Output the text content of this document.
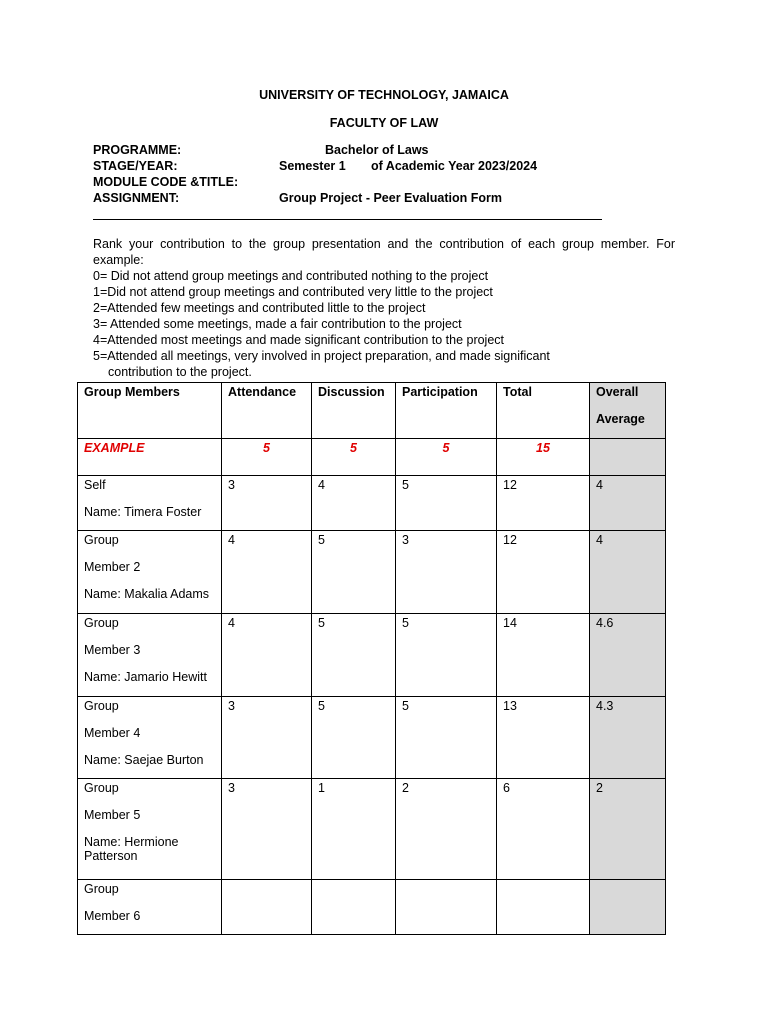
UNIVERSITY OF TECHNOLOGY, JAMAICA
FACULTY OF LAW
PROGRAMME:	Bachelor of Laws
STAGE/YEAR:	Semester 1 of Academic Year 2023/2024
MODULE CODE &TITLE:
ASSIGNMENT:	Group Project - Peer Evaluation Form

Rank your contribution to the group presentation and the contribution of each group member. For example:

0= Did not attend group meetings and contributed nothing to the project

1=Did not attend group meetings and contributed very little to the project

2=Attended few meetings and contributed little to the project

3= Attended some meetings, made a fair contribution to the project

4=Attended most meetings and made significant contribution to the project

5=Attended all meetings, very involved in project preparation, and made significant

contribution to the project.

Group Members	Attendance	Discussion	Participation	Total	Overall
Average

EXAMPLE	5	5	5	15	

Self
Name: Timera Foster	3	4	5	12	4

Group
Member 2
Name: Makalia Adams	4	5	3	12	4

Group
Member 3
Name: Jamario Hewitt	4	5	5	14	4.6

Group
Member 4
Name: Saejae Burton	3	5	5	13	4.3

Group
Member 5
Name: Hermione Patterson	3	1	2	6	2

Group
Member 6					
